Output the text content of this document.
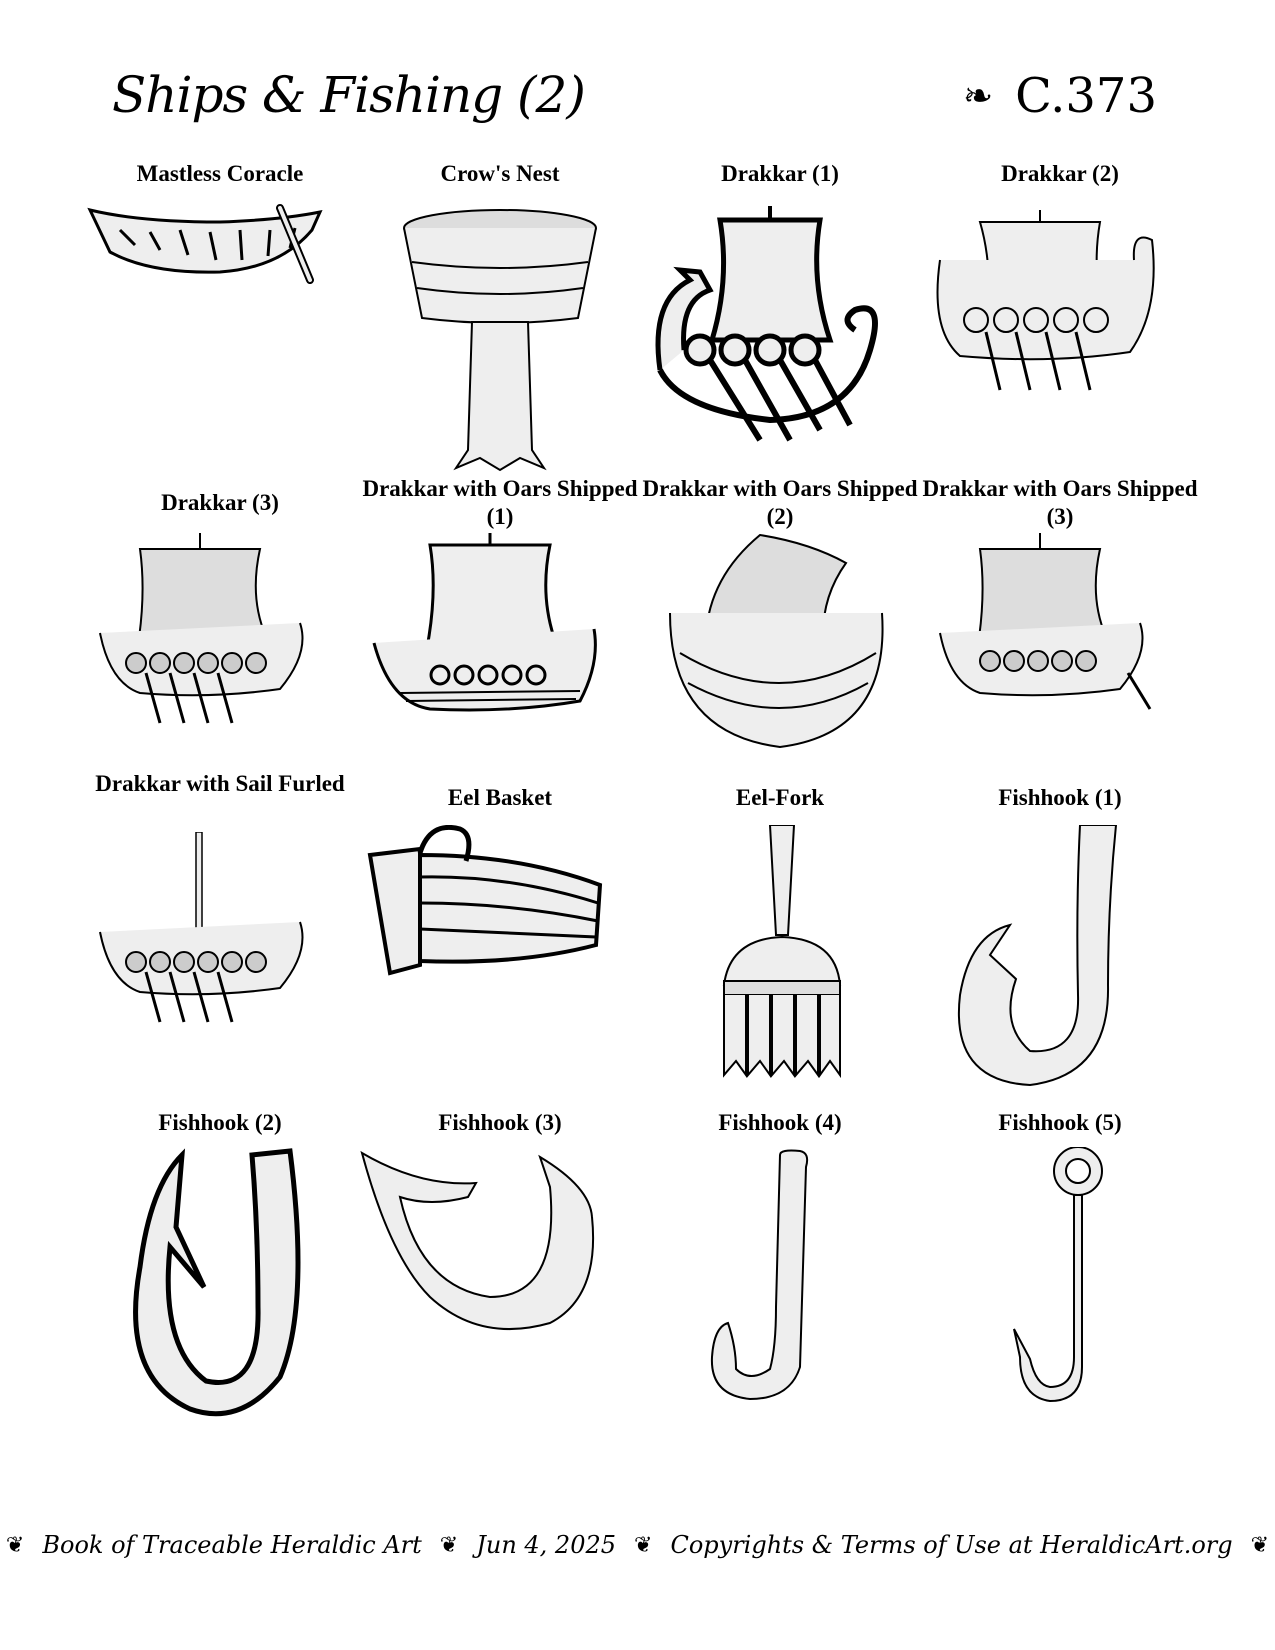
Ships & Fishing (2)	❧ C.373
Mastless Coracle	Crow's Nest	Drakkar (1)	Drakkar (2)
Drakkar (3)
Drakkar with Oars Shipped (1)
Drakkar with Oars Shipped (2)
Drakkar with Oars Shipped (3)
Drakkar with Sail Furled
Eel Basket	Eel-Fork	Fishhook (1)
Fishhook (2)	Fishhook (3)	Fishhook (4)	Fishhook (5)
❦ Book of Traceable Heraldic Art ❦ Jun 4, 2025 ❦ Copyrights & Terms of Use at HeraldicArt.org ❦
